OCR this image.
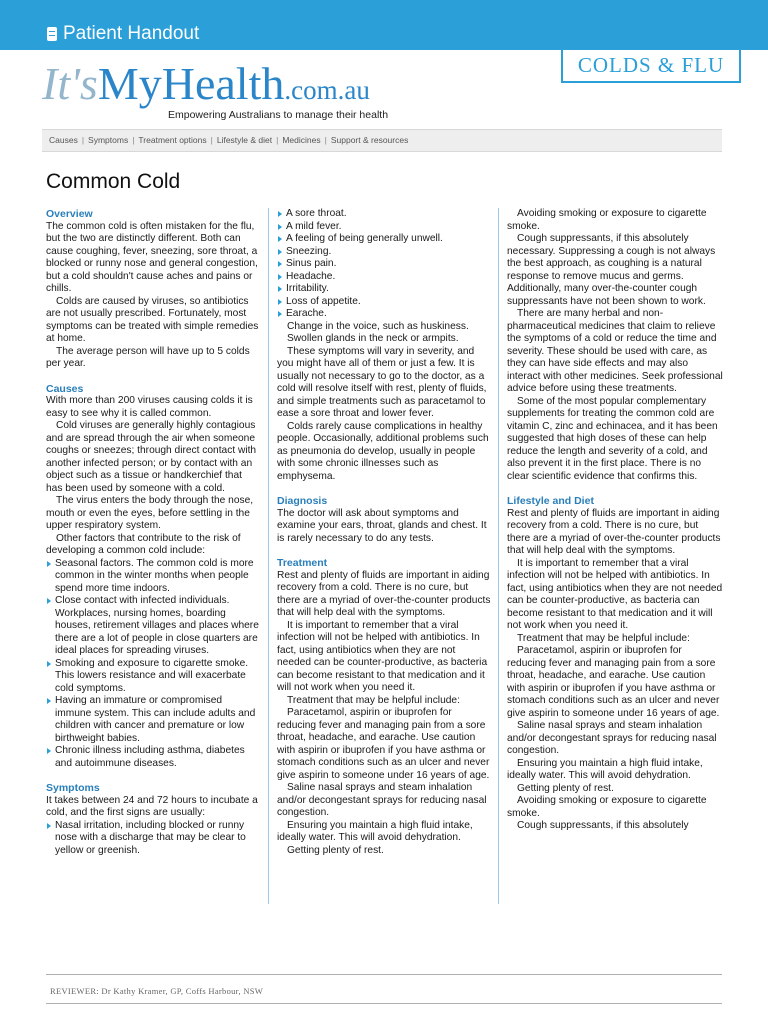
Patient Handout
COLDS & FLU
It'sMyHealth.com.au
Empowering Australians to manage their health
Causes | Symptoms | Treatment options | Lifestyle & diet | Medicines | Support & resources
Common Cold
Overview

The common cold is often mistaken for the flu, but the two are distinctly different. Both can cause coughing, fever, sneezing, sore throat, a blocked or runny nose and general congestion, but a cold shouldn't cause aches and pains or chills.

Colds are caused by viruses, so antibiotics are not usually prescribed. Fortunately, most symptoms can be treated with simple remedies at home.

The average person will have up to 5 colds per year.

Causes

With more than 200 viruses causing colds it is easy to see why it is called common.

Cold viruses are generally highly contagious and are spread through the air when someone coughs or sneezes; through direct contact with another infected person; or by contact with an object such as a tissue or handkerchief that has been used by someone with a cold.

The virus enters the body through the nose, mouth or even the eyes, before settling in the upper respiratory system.

Other factors that contribute to the risk of developing a common cold include:

Seasonal factors. The common cold is more common in the winter months when people spend more time indoors.
Close contact with infected individuals. Workplaces, nursing homes, boarding houses, retirement villages and places where there are a lot of people in close quarters are ideal places for spreading viruses.
Smoking and exposure to cigarette smoke. This lowers resistance and will exacerbate cold symptoms.
Having an immature or compromised immune system. This can include adults and children with cancer and premature or low birthweight babies.
Chronic illness including asthma, diabetes and autoimmune diseases.
Symptoms

It takes between 24 and 72 hours to incubate a cold, and the first signs are usually:

Nasal irritation, including blocked or runny nose with a discharge that may be clear to yellow or greenish.
A sore throat.
A mild fever.
A feeling of being generally unwell.
Sneezing.
Sinus pain.
Headache.
Irritability.
Loss of appetite.
Earache.

Change in the voice, such as huskiness.

Swollen glands in the neck or armpits.

These symptoms will vary in severity, and you might have all of them or just a few. It is usually not necessary to go to the doctor, as a cold will resolve itself with rest, plenty of fluids, and simple treatments such as paracetamol to ease a sore throat and lower fever.

Colds rarely cause complications in healthy people. Occasionally, additional problems such as pneumonia do develop, usually in people with some chronic illnesses such as emphysema.

Diagnosis

The doctor will ask about symptoms and examine your ears, throat, glands and chest. It is rarely necessary to do any tests.

Treatment

Rest and plenty of fluids are important in aiding recovery from a cold. There is no cure, but there are a myriad of over-the-counter products that will help deal with the symptoms.

It is important to remember that a viral infection will not be helped with antibiotics. In fact, using antibiotics when they are not needed can be counter-productive, as bacteria can become resistant to that medication and it will not work when you need it.

Treatment that may be helpful include:

Paracetamol, aspirin or ibuprofen for reducing fever and managing pain from a sore throat, headache, and earache. Use caution with aspirin or ibuprofen if you have asthma or stomach conditions such as an ulcer and never give aspirin to someone under 16 years of age.

Saline nasal sprays and steam inhalation and/or decongestant sprays for reducing nasal congestion.

Ensuring you maintain a high fluid intake, ideally water. This will avoid dehydration.

Getting plenty of rest.

Avoiding smoking or exposure to cigarette smoke.

Cough suppressants, if this absolutely necessary. Suppressing a cough is not always the best approach, as coughing is a natural response to remove mucus and germs. Additionally, many over-the-counter cough suppressants have not been shown to work.

There are many herbal and non-pharmaceutical medicines that claim to relieve the symptoms of a cold or reduce the time and severity. These should be used with care, as they can have side effects and may also interact with other medicines. Seek professional advice before using these treatments.

Some of the most popular complementary supplements for treating the common cold are vitamin C, zinc and echinacea, and it has been suggested that high doses of these can help reduce the length and severity of a cold, and also prevent it in the first place. There is no clear scientific evidence that confirms this.

Lifestyle and Diet

Rest and plenty of fluids are important in aiding recovery from a cold. There is no cure, but there are a myriad of over-the-counter products that will help deal with the symptoms.

It is important to remember that a viral infection will not be helped with antibiotics. In fact, using antibiotics when they are not needed can be counter-productive, as bacteria can become resistant to that medication and it will not work when you need it.

Treatment that may be helpful include:

Paracetamol, aspirin or ibuprofen for reducing fever and managing pain from a sore throat, headache, and earache. Use caution with aspirin or ibuprofen if you have asthma or stomach conditions such as an ulcer and never give aspirin to someone under 16 years of age.

Saline nasal sprays and steam inhalation and/or decongestant sprays for reducing nasal congestion.

Ensuring you maintain a high fluid intake, ideally water. This will avoid dehydration.

Getting plenty of rest.

Avoiding smoking or exposure to cigarette smoke.

Cough suppressants, if this absolutely

REVIEWER: Dr Kathy Kramer, GP, Coffs Harbour, NSW
